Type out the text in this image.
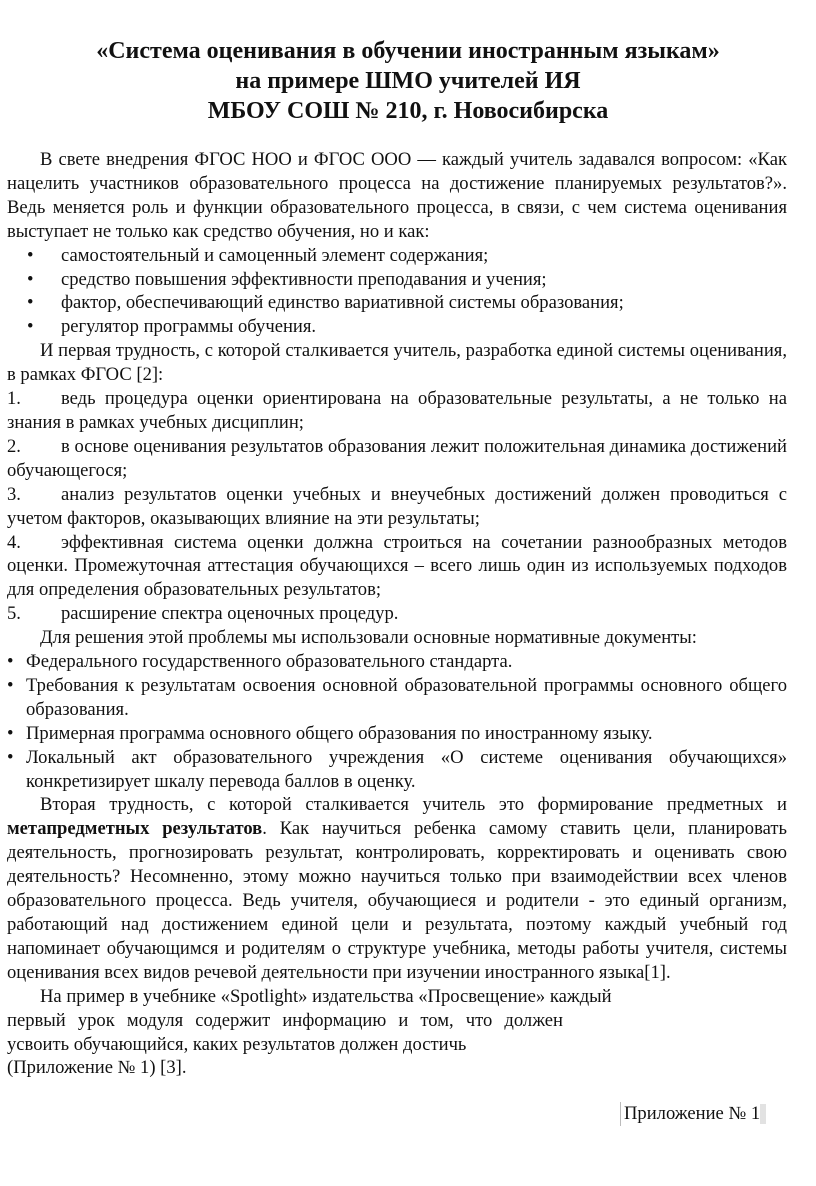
«Система оценивания в обучении иностранным языкам»
на примере ШМО учителей ИЯ
МБОУ СОШ № 210, г. Новосибирска

В свете внедрения ФГОС НОО и ФГОС ООО — каждый учитель задавался вопросом: «Как нацелить участников образовательного процесса на достижение планируемых результатов?». Ведь меняется роль и функции образовательного процесса, в связи, с чем система оценивания выступает не только как средство обучения, но и как:

• самостоятельный и самоценный элемент содержания;
• средство повышения эффективности преподавания и учения;
• фактор, обеспечивающий единство вариативной системы образования;
• регулятор программы обучения.

И первая трудность, с которой сталкивается учитель, разработка единой системы оценивания, в рамках ФГОС [2]:

1. ведь процедура оценки ориентирована на образовательные результаты, а не только на знания в рамках учебных дисциплин;
2. в основе оценивания результатов образования лежит положительная динамика достижений обучающегося;
3. анализ результатов оценки учебных и внеучебных достижений должен проводиться с учетом факторов, оказывающих влияние на эти результаты;
4. эффективная система оценки должна строиться на сочетании разнообразных методов оценки. Промежуточная аттестация обучающихся – всего лишь один из используемых подходов для определения образовательных результатов;
5. расширение спектра оценочных процедур.

Для решения этой проблемы мы использовали основные нормативные документы:

• Федерального государственного образовательного стандарта.
• Требования к результатам освоения основной образовательной программы основного общего образования.
• Примерная программа основного общего образования по иностранному языку.
• Локальный акт образовательного учреждения «О системе оценивания обучающихся» конкретизирует шкалу перевода баллов в оценку.

Вторая трудность, с которой сталкивается учитель это формирование предметных и метапредметных результатов. Как научиться ребенка самому ставить цели, планировать деятельность, прогнозировать результат, контролировать, корректировать и оценивать свою деятельность? Несомненно, этому можно научиться только при взаимодействии всех членов образовательного процесса. Ведь учителя, обучающиеся и родители - это единый организм, работающий над достижением единой цели и результата, поэтому каждый учебный год напоминает обучающимся и родителям о структуре учебника, методы работы учителя, системы оценивания всех видов речевой деятельности при изучении иностранного языка[1].

На пример в учебнике «Spotlight» издательства «Просвещение» каждый

первый урок модуля содержит информацию и том, что должен усвоить обучающийся, каких результатов должен достичь

(Приложение № 1) [3].

Приложение № 1
